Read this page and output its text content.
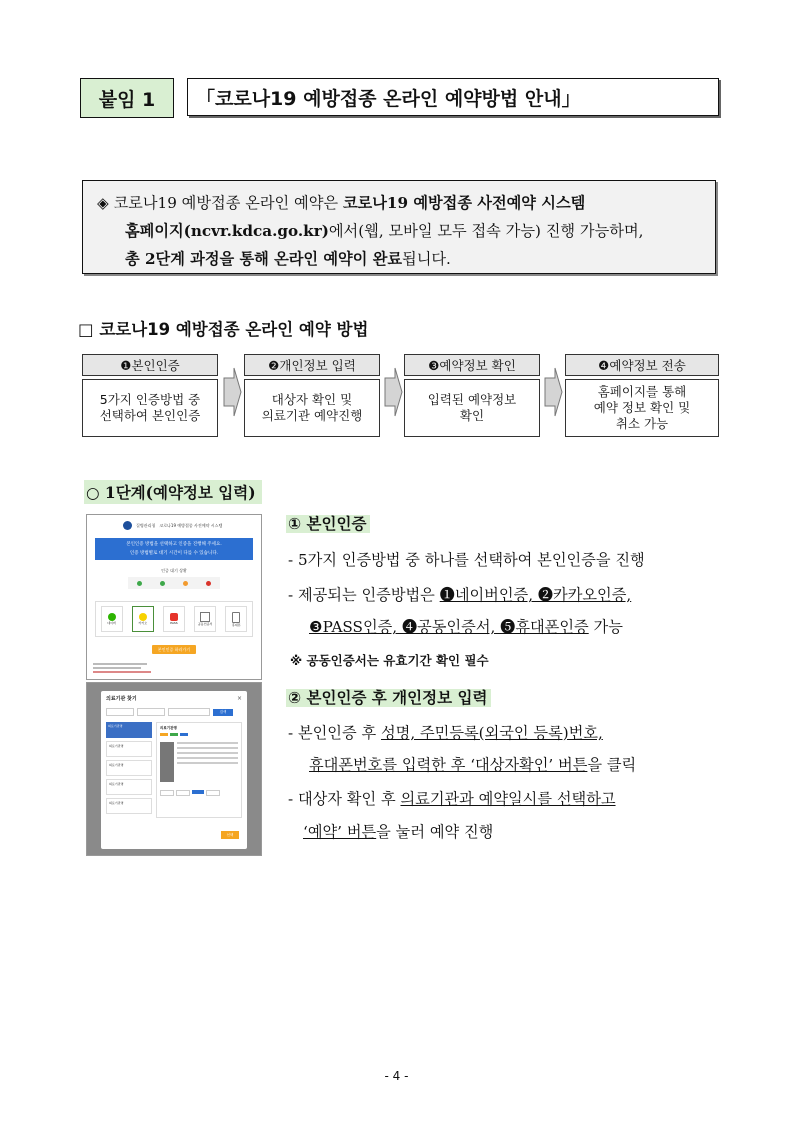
붙임 1 「코로나19 예방접종 온라인 예약방법 안내」
◈ 코로나19 예방접종 온라인 예약은 코로나19 예방접종 사전예약 시스템
홈페이지(ncvr.kdca.go.kr)에서(웹, 모바일 모두 접속 가능) 진행 가능하며,
총 2단계 과정을 통해 온라인 예약이 완료됩니다.
□ 코로나19 예방접종 온라인 예약 방법
❶본인인증
5가지 인증방법 중
선택하여 본인인증
❷개인정보 입력
대상자 확인 및
의료기관 예약진행
❸예약정보 확인
입력된 예약정보
확인
❹예약정보 전송
홈페이지를 통해
예약 정보 확인 및
취소 가능
○ 1단계(예약정보 입력)
질병관리청 코로나19 예방접종 사전예약 시스템
본인인증 방법을 선택하고 인증을 진행해 주세요.
인증 방법별로 대기 시간이 다를 수 있습니다.
인증 대기 상황
네이버	카카오	PASS	공동인증서	휴대폰
본인인증 하러가기
의료기관 찾기	×
검색
의료기관명
의료기관명
의료기관명
의료기관명
의료기관명
의료기관명
선택
① 본인인증
- 5가지 인증방법 중 하나를 선택하여 본인인증을 진행
- 제공되는 인증방법은 ❶네이버인증, ❷카카오인증,
❸PASS인증, ❹공동인증서, ❺휴대폰인증 가능
※ 공동인증서는 유효기간 확인 필수
② 본인인증 후 개인정보 입력
- 본인인증 후 성명, 주민등록(외국인 등록)번호,
휴대폰번호를 입력한 후 ‘대상자확인’ 버튼을 클릭
- 대상자 확인 후 의료기관과 예약일시를 선택하고
‘예약’ 버튼을 눌러 예약 진행
- 4 -
